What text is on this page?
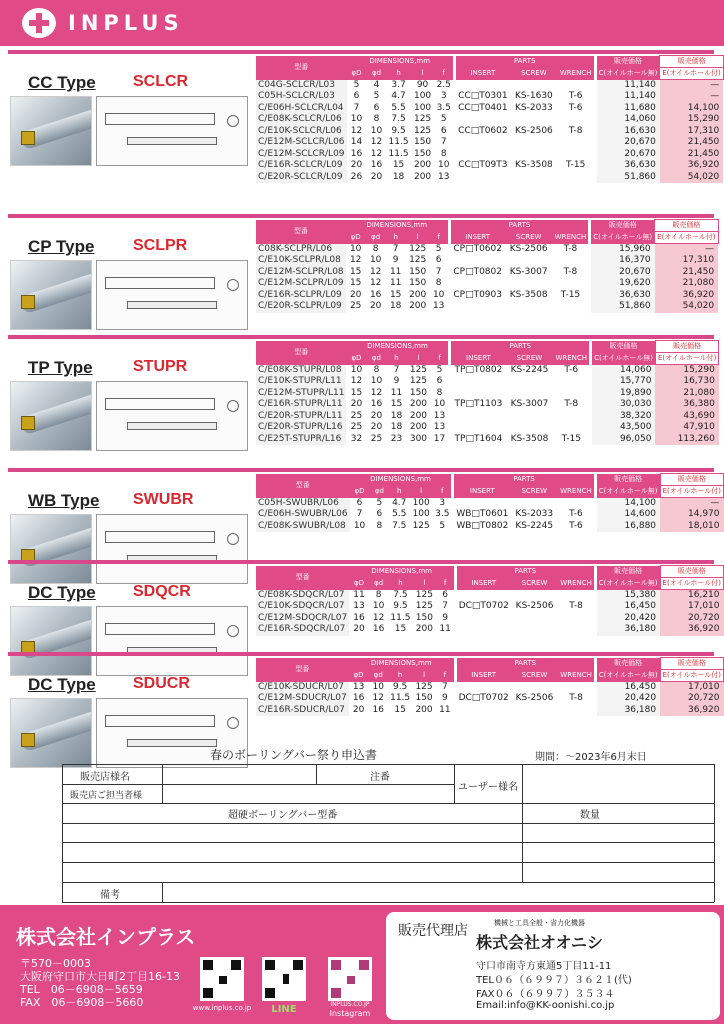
INPLUS
CC Type SCLCR
型番	DIMENSIONS,mm						PARTS				販売価格	販売価格
	φD	φd	h	l	f		INSERT	SCREW	WRENCH		C(オイルホール無)	E(オイルホール付)
C04G-SCLCR/L03	5	4	3.7	90	2.5						11,140	—
C05H-SCLCR/L03	6	5	4.7	100	3		CC□T0301	KS-1630	T-6		11,140	—
C/E06H-SCLCR/L04	7	6	5.5	100	3.5		CC□T0401	KS-2033	T-6		11,680	14,100
C/E08K-SCLCR/L06	10	8	7.5	125	5						14,060	15,290
C/E10K-SCLCR/L06	12	10	9.5	125	6		CC□T0602	KS-2506	T-8		16,630	17,310
C/E12M-SCLCR/L06	14	12	11.5	150	7						20,670	21,450
C/E12M-SCLCR/L09	16	12	11.5	150	8						20,670	21,450
C/E16R-SCLCR/L09	20	16	15	200	10		CC□T09T3	KS-3508	T-15		36,630	36,920
C/E20R-SCLCR/L09	26	20	18	200	13						51,860	54,020
CP Type SCLPR
型番	DIMENSIONS,mm						PARTS				販売価格	販売価格
	φD	φd	h	l	f		INSERT	SCREW	WRENCH		C(オイルホール無)	E(オイルホール付)
C08K-SCLPR/L06	10	8	7	125	5		CP□T0602	KS-2506	T-8		15,960	—
C/E10K-SCLPR/L08	12	10	9	125	6						16,370	17,310
C/E12M-SCLPR/L08	15	12	11	150	7		CP□T0802	KS-3007	T-8		20,670	21,450
C/E12M-SCLPR/L09	15	12	11	150	8						19,620	21,080
C/E16R-SCLPR/L09	20	16	15	200	10		CP□T0903	KS-3508	T-15		36,630	36,920
C/E20R-SCLPR/L09	25	20	18	200	13						51,860	54,020
TP Type	STUPR
型番	DIMENSIONS,mm						PARTS				販売価格	販売価格
	φD	φd	h	l	f		INSERT	SCREW	WRENCH		C(オイルホール無)	E(オイルホール付)
C/E08K-STUPR/L08	10	8	7	125	5		TP□T0802	KS-2245	T-6		14,060	15,290
C/E10K-STUPR/L11	12	10	9	125	6						15,770	16,730
C/E12M-STUPR/L11	15	12	11	150	8						19,890	21,080
C/E16R-STUPR/L11	20	16	15	200	10		TP□T1103	KS-3007	T-8		30,030	36,380
C/E20R-STUPR/L11	25	20	18	200	13						38,320	43,690
C/E20R-STUPR/L16	25	20	18	200	13						43,500	47,910
C/E25T-STUPR/L16	32	25	23	300	17		TP□T1604	KS-3508	T-15		96,050	113,260
WB Type SWUBR
型番	DIMENSIONS,mm						PARTS				販売価格	販売価格
	φD	φd	h	l	f		INSERT	SCREW	WRENCH		C(オイルホール無)	E(オイルホール付)
C05H-SWUBR/L06	6	5	4.7	100	3						14,100	—
C/E06H-SWUBR/L06	7	6	5.5	100	3.5		WB□T0601	KS-2033	T-6		14,600	14,970
C/E08K-SWUBR/L08	10	8	7.5	125	5		WB□T0802	KS-2245	T-6		16,880	18,010
DC Type SDQCR
型番	DIMENSIONS,mm						PARTS				販売価格	販売価格
	φD	φd	h	l	f		INSERT	SCREW	WRENCH		C(オイルホール無)	E(オイルホール付)
C/E08K-SDQCR/L07	11	8	7.5	125	6						15,380	16,210
C/E10K-SDQCR/L07	13	10	9.5	125	7		DC□T0702	KS-2506	T-8		16,450	17,010
C/E12M-SDQCR/L07	16	12	11.5	150	9						20,420	20,720
C/E16R-SDQCR/L07	20	16	15	200	11						36,180	36,920
DC Type SDUCR
型番	DIMENSIONS,mm						PARTS				販売価格	販売価格
	φD	φd	h	l	f		INSERT	SCREW	WRENCH		C(オイルホール無)	E(オイルホール付)
C/E10K-SDUCR/L07	13	10	9.5	125	7						16,450	17,010
C/E12M-SDUCR/L07	16	12	11.5	150	9		DC□T0702	KS-2506	T-8		20,420	20,720
C/E16R-SDUCR/L07	20	16	15	200	11						36,180	36,920
春のボーリングバー祭り申込書	期間：～2023年6月末日
販売店様名	注番
ユーザー様名
販売店ご担当者様
超硬ボーリングバー型番	数量
備考
株式会社インプラス
〒570－0003
大阪府守口市大日町2丁目16-13
TEL　06－6908－5659
FAX　06－6908－5660	www.inplus.co.jp	LINE	INPLUS.CO.JP
Instagram
販売代理店	機械と工具全般・省力化機器
株式会社オオニシ
守口市南寺方東通5丁目11-11
TEL０６（６９９７）３６２１(代)
FAX０６（６９９７）３５３４
Email:info@KK-oonishi.co.jp
